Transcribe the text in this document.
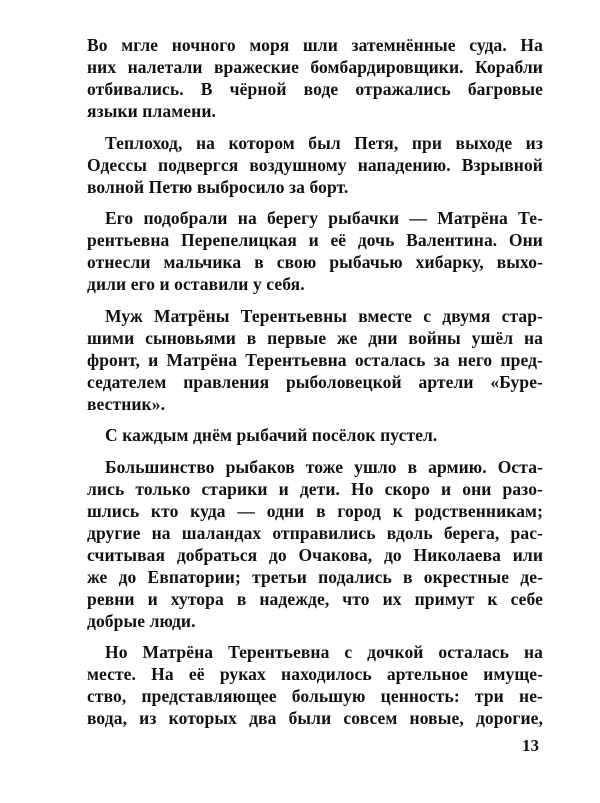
Во мгле ночного моря шли затемнённые суда. На
них налетали вражеские бомбардировщики. Корабли
отбивались. В чёрной воде отражались багровые
языки пламени.
Теплоход, на котором был Петя, при выходе из
Одессы подвергся воздушному нападению. Взрывной
волной Петю выбросило за борт.
Его подобрали на берегу рыбачки — Матрёна Те-
рентьевна Перепелицкая и её дочь Валентина. Они
отнесли мальчика в свою рыбачью хибарку, выхо-
дили его и оставили у себя.
Муж Матрёны Терентьевны вместе с двумя стар-
шими сыновьями в первые же дни войны ушёл на
фронт, и Матрёна Терентьевна осталась за него пред-
седателем правления рыболовецкой артели «Буре-
вестник».
С каждым днём рыбачий посёлок пустел.
Большинство рыбаков тоже ушло в армию. Оста-
лись только старики и дети. Но скоро и они разо-
шлись кто куда — одни в город к родственникам;
другие на шаландах отправились вдоль берега, рас-
считывая добраться до Очакова, до Николаева или
же до Евпатории; третьи подались в окрестные де-
ревни и хутора в надежде, что их примут к себе
добрые люди.
Но Матрёна Терентьевна с дочкой осталась на
месте. На её руках находилось артельное имуще-
ство, представляющее большую ценность: три не-
вода, из которых два были совсем новые, дорогие,
13
